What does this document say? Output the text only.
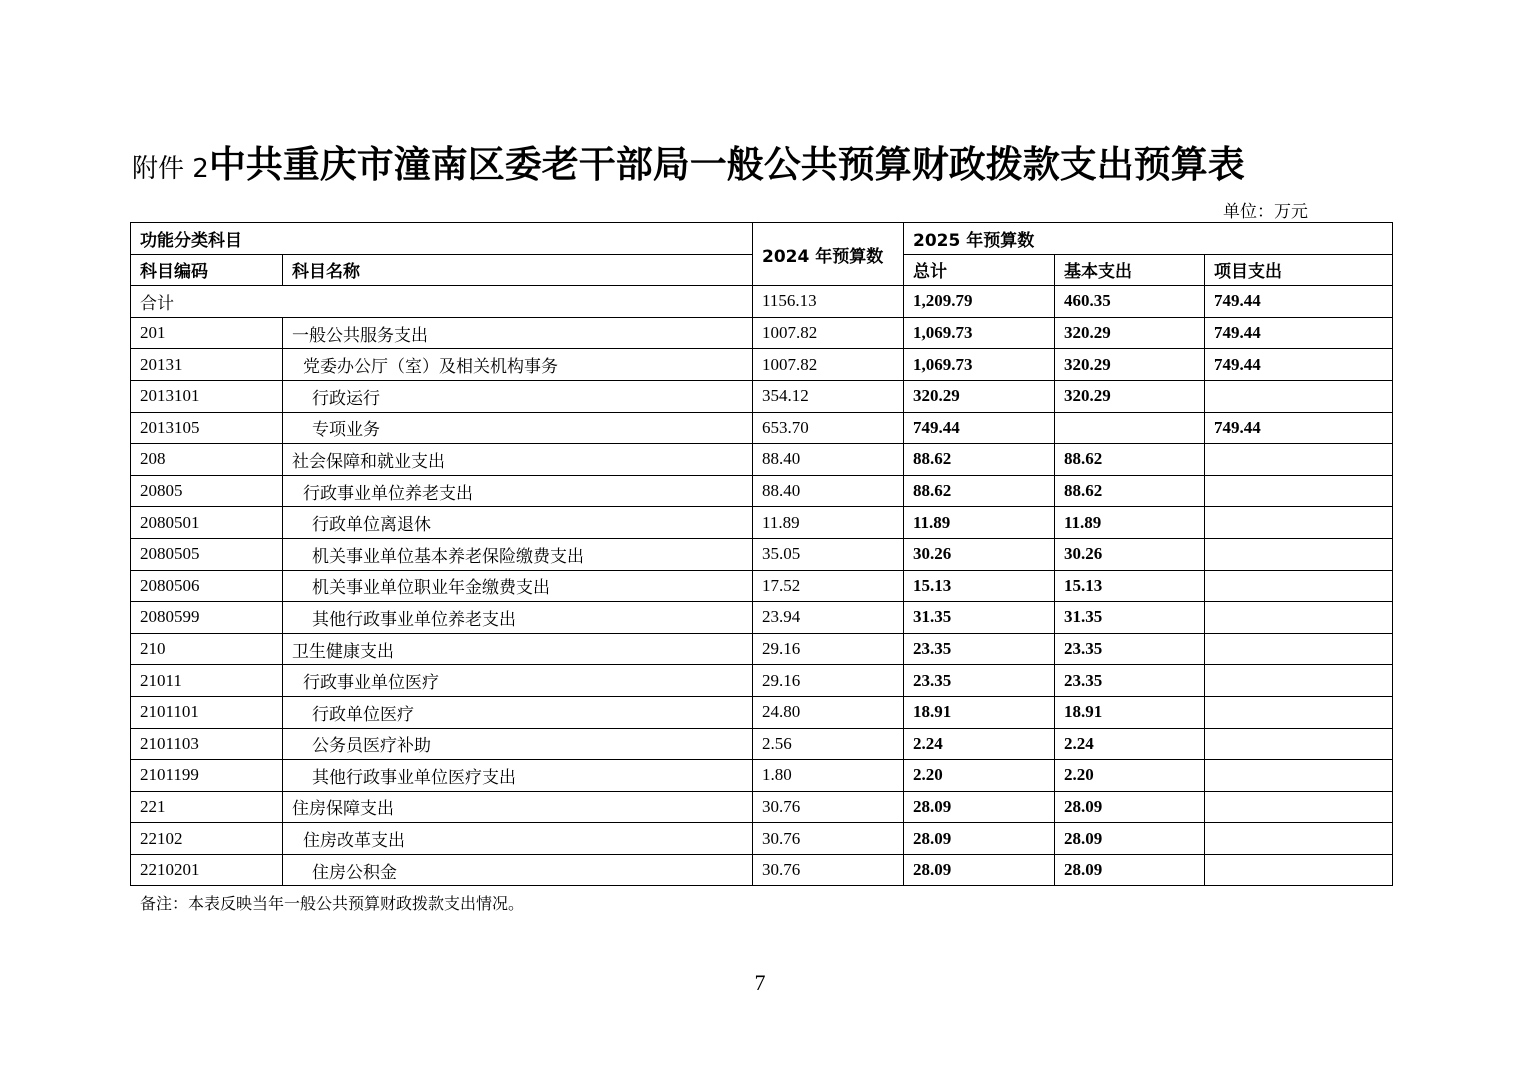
附件 2中共重庆市潼南区委老干部局一般公共预算财政拨款支出预算表
单位：万元
功能分类科目		2024 年预算数	2025 年预算数		
科目编码	科目名称		总计	基本支出	项目支出
合计		1156.13	1,209.79	460.35	749.44
201	一般公共服务支出	1007.82	1,069.73	320.29	749.44
20131	党委办公厅（室）及相关机构事务	1007.82	1,069.73	320.29	749.44
2013101	行政运行	354.12	320.29	320.29	
2013105	专项业务	653.70	749.44		749.44
208	社会保障和就业支出	88.40	88.62	88.62	
20805	行政事业单位养老支出	88.40	88.62	88.62	
2080501	行政单位离退休	11.89	11.89	11.89	
2080505	机关事业单位基本养老保险缴费支出	35.05	30.26	30.26	
2080506	机关事业单位职业年金缴费支出	17.52	15.13	15.13	
2080599	其他行政事业单位养老支出	23.94	31.35	31.35	
210	卫生健康支出	29.16	23.35	23.35	
21011	行政事业单位医疗	29.16	23.35	23.35	
2101101	行政单位医疗	24.80	18.91	18.91	
2101103	公务员医疗补助	2.56	2.24	2.24	
2101199	其他行政事业单位医疗支出	1.80	2.20	2.20	
221	住房保障支出	30.76	28.09	28.09	
22102	住房改革支出	30.76	28.09	28.09	
2210201	住房公积金	30.76	28.09	28.09	
备注：本表反映当年一般公共预算财政拨款支出情况。
7
